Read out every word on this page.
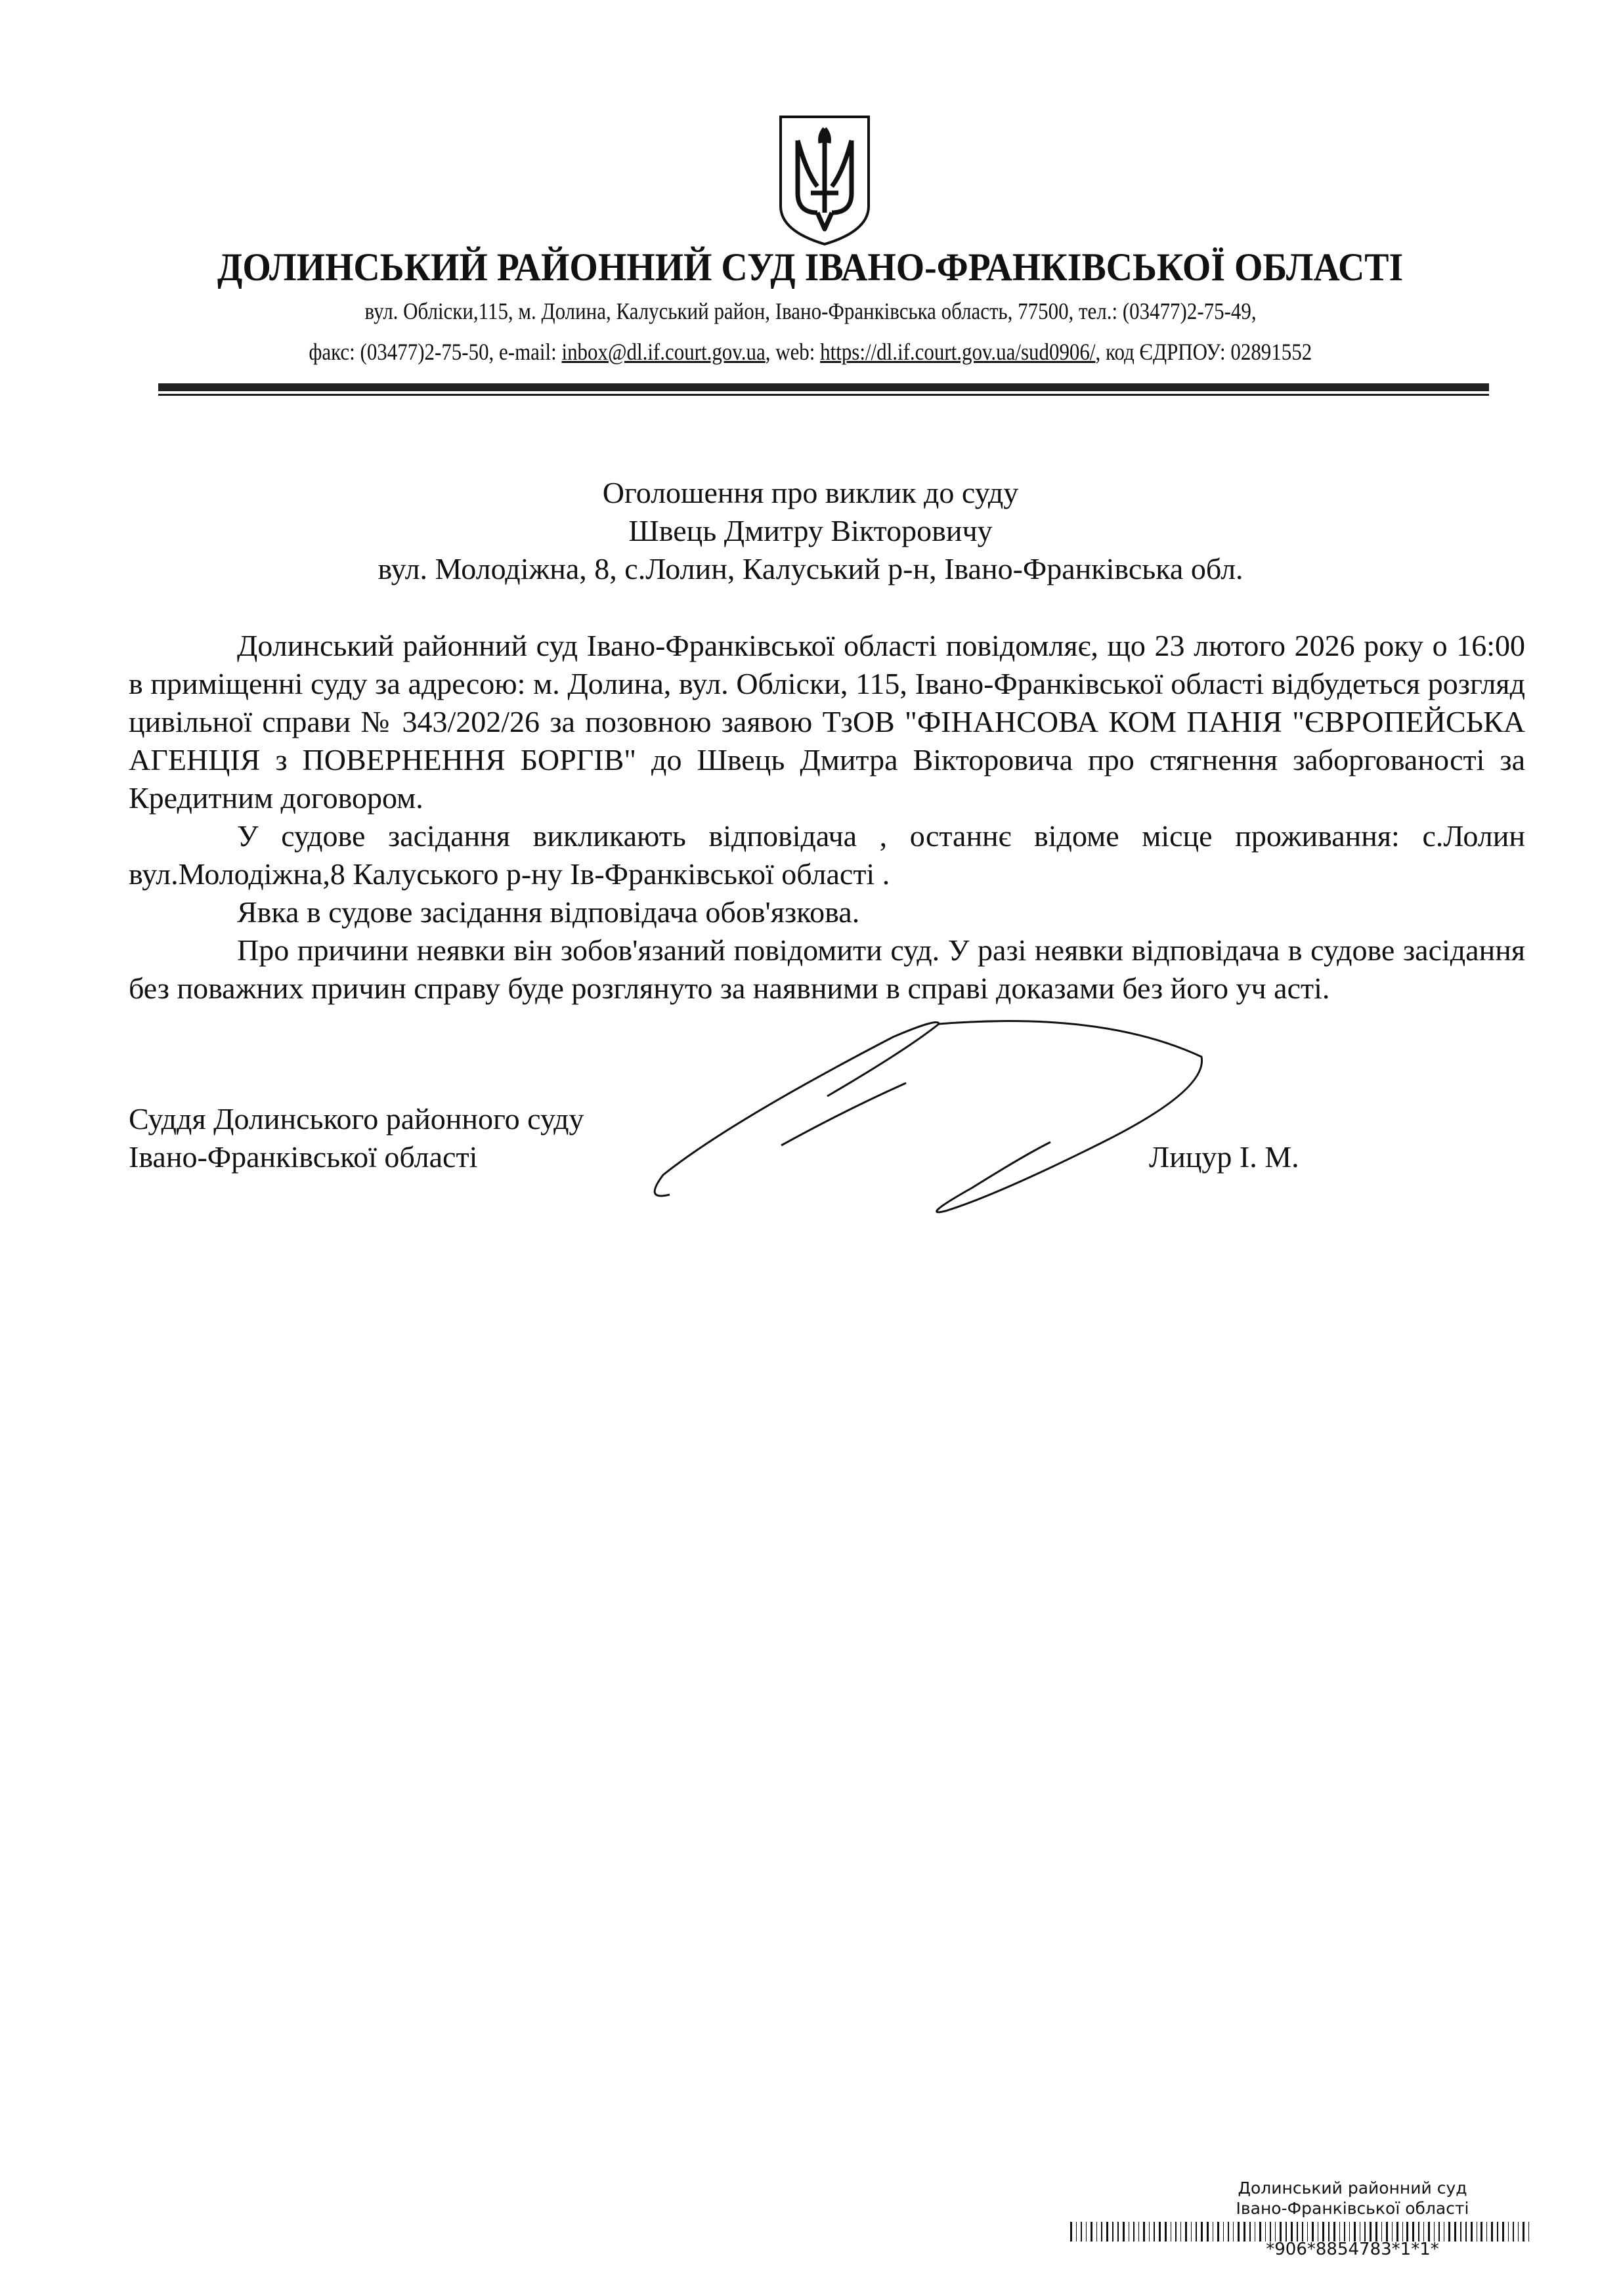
ДОЛИНСЬКИЙ РАЙОННИЙ СУД ІВАНО-ФРАНКІВСЬКОЇ ОБЛАСТІ
вул. Обліски,115, м. Долина, Калуський район, Івано-Франківська область, 77500, тел.: (03477)2-75-49,
факс: (03477)2-75-50, e-mail: inbox@dl.if.court.gov.ua, web: https://dl.if.court.gov.ua/sud0906/, код ЄДРПОУ: 02891552
Оголошення про виклик до суду
Швець Дмитру Вікторовичу
вул. Молодіжна, 8, с.Лолин, Калуський р-н, Івано-Франківська обл.

Долинський районний суд Івано-Франківської області повідомляє, що 23 лютого 2026 року о 16:00 в приміщенні суду за адресою: м. Долина, вул. Обліски, 115, Івано-Франківської області відбудеться розгляд цивільної справи № 343/202/26 за позовною заявою ТзОВ "ФІНАНСОВА КОМ ПАНІЯ "ЄВРОПЕЙСЬКА АГЕНЦІЯ з ПОВЕРНЕННЯ БОРГІВ" до Швець Дмитра Вікторовича про стягнення заборгованості за Кредитним договором.

У судове засідання викликають відповідача , останнє відоме місце проживання: с.Лолин вул.Молодіжна,8 Калуського р-ну Ів-Франківської області .

Явка в судове засідання відповідача обов'язкова.

Про причини неявки він зобов'язаний повідомити суд. У разі неявки відповідача в судове засідання без поважних причин справу буде розглянуто за наявними в справі доказами без його уч асті.

Суддя Долинського районного суду
Івано-Франківської області	Лицур І. М.
Долинський районний суд
Івано-Франківської області
*906*8854783*1*1*
